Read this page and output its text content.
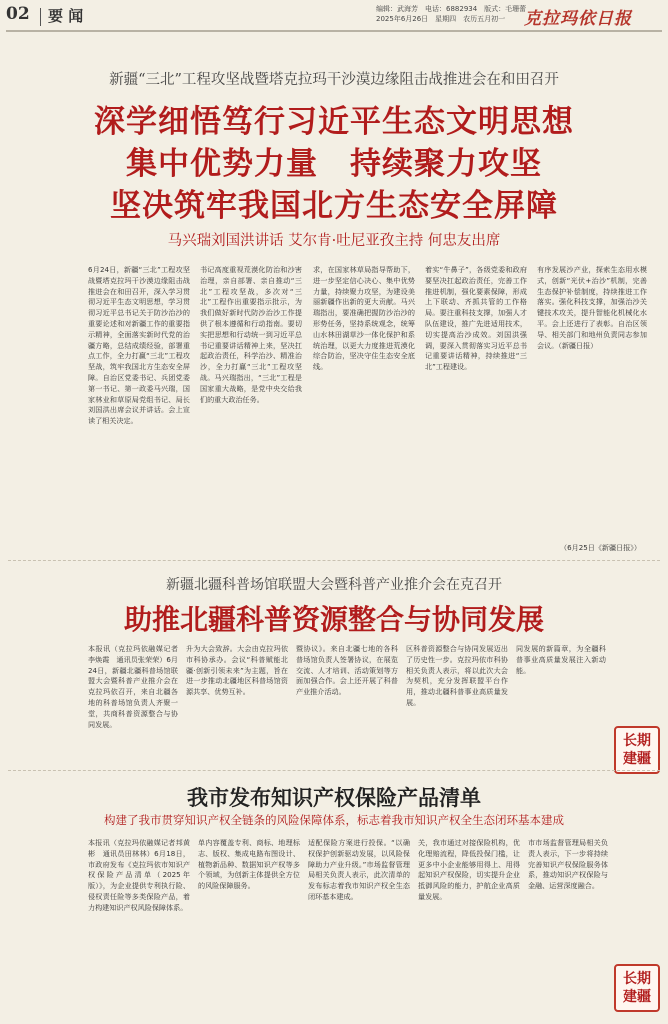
02 要 闻	编辑：武海芳　电话：6882934　版式：毛珊蕾
2025年6月26日　星期四　农历五月初一 克拉玛依日报
新疆“三北”工程攻坚战暨塔克拉玛干沙漠边缘阻击战推进会在和田召开
深学细悟笃行习近平生态文明思想
集中优势力量　持续聚力攻坚
坚决筑牢我国北方生态安全屏障
马兴瑞刘国洪讲话 艾尔肯·吐尼亚孜主持 何忠友出席

6月24日，新疆“三北”工程攻坚战暨塔克拉玛干沙漠边缘阻击战推进会在和田召开，深入学习贯彻习近平生态文明思想，学习贯彻习近平总书记关于防沙治沙的重要论述和对新疆工作的重要指示精神，全面落实新时代党的治疆方略，总结成绩经验，部署重点工作，全力打赢“三北”工程攻坚战，筑牢我国北方生态安全屏障。自治区党委书记、兵团党委第一书记、第一政委马兴瑞，国家林业和草原局党组书记、局长刘国洪出席会议并讲话。会上宣读了相关决定。

书记高度重视荒漠化防治和沙害治理，亲自部署、亲自推动“三北”工程攻坚战，多次对“三北”工程作出重要指示批示，为我们做好新时代防沙治沙工作提供了根本遵循和行动指南。要切实把思想和行动统一到习近平总书记重要讲话精神上来，坚决扛起政治责任，科学治沙、精准治沙，全力打赢“三北”工程攻坚战。马兴瑞指出，“三北”工程是国家重大战略，是党中央交给我们的重大政治任务。

求，在国家林草局指导帮助下，进一步坚定信心决心、集中优势力量，持续聚力攻坚，为建设美丽新疆作出新的更大贡献。马兴瑞指出，要准确把握防沙治沙的形势任务，坚持系统观念，统筹山水林田湖草沙一体化保护和系统治理，以更大力度推进荒漠化综合防治，坚决守住生态安全底线。

着实“牛鼻子”，各级党委和政府要坚决扛起政治责任，完善工作推进机制，强化要素保障，形成上下联动、齐抓共管的工作格局。要注重科技支撑，加强人才队伍建设，推广先进适用技术，切实提高治沙成效。刘国洪强调，要深入贯彻落实习近平总书记重要讲话精神，持续推进“三北”工程建设。

有序发展沙产业，探索生态用水模式，创新“光伏+治沙”机制，完善生态保护补偿制度，持续推进工作落实。强化科技支撑，加强治沙关键技术攻关，提升智能化机械化水平。会上还进行了表彰。自治区领导、相关部门和地州负责同志参加会议。（新疆日报）

（6月25日《新疆日报》）
新疆北疆科普场馆联盟大会暨科普产业推介会在克召开
助推北疆科普资源整合与协同发展

本报讯（克拉玛依融媒记者李焕霞　通讯员张荣荣）6月24日，新疆北疆科普场馆联盟大会暨科普产业推介会在克拉玛依召开，来自北疆各地的科普场馆负责人齐聚一堂，共商科普资源整合与协同发展。

升为大会致辞。大会由克拉玛依市科协承办。会议“科普赋能北疆·创新引领未来”为主题，旨在进一步推动北疆地区科普场馆资源共享、优势互补。

暨协议》。来自北疆七地的各科普场馆负责人签署协议，在展览交流、人才培训、活动策划等方面加强合作。会上还开展了科普产业推介活动。

区科普资源整合与协同发展迈出了历史性一步。克拉玛依市科协相关负责人表示，将以此次大会为契机，充分发挥联盟平台作用，推动北疆科普事业高质量发展。

同发展的新篇章，为全疆科普事业高质量发展注入新动能。

长期
建疆
我市发布知识产权保险产品清单
构建了我市贯穿知识产权全链条的风险保障体系，标志着我市知识产权全生态闭环基本建成

本报讯（克拉玛依融媒记者邦黄彬　通讯员田林林）6月18日，市政府发布《克拉玛依市知识产权保险产品清单（2025年版）》，为企业提供专利执行险、侵权责任险等多类保险产品，着力构建知识产权风险保障体系。

单内容覆盖专利、商标、地理标志、版权、集成电路布图设计、植物新品种、数据知识产权等多个领域，为创新主体提供全方位的风险保障服务。

适配保险方案进行投保。“以确权保护创新驱动发展，以风险保障助力产业升级。”市场监督管理局相关负责人表示，此次清单的发布标志着我市知识产权全生态闭环基本建成。

关，我市通过对接保险机构，优化理赔流程，降低投保门槛，让更多中小企业能够用得上、用得起知识产权保险，切实提升企业抵御风险的能力，护航企业高质量发展。

市市场监督管理局相关负责人表示，下一步将持续完善知识产权保险服务体系，推动知识产权保险与金融、运营深度融合。

长期
建疆
